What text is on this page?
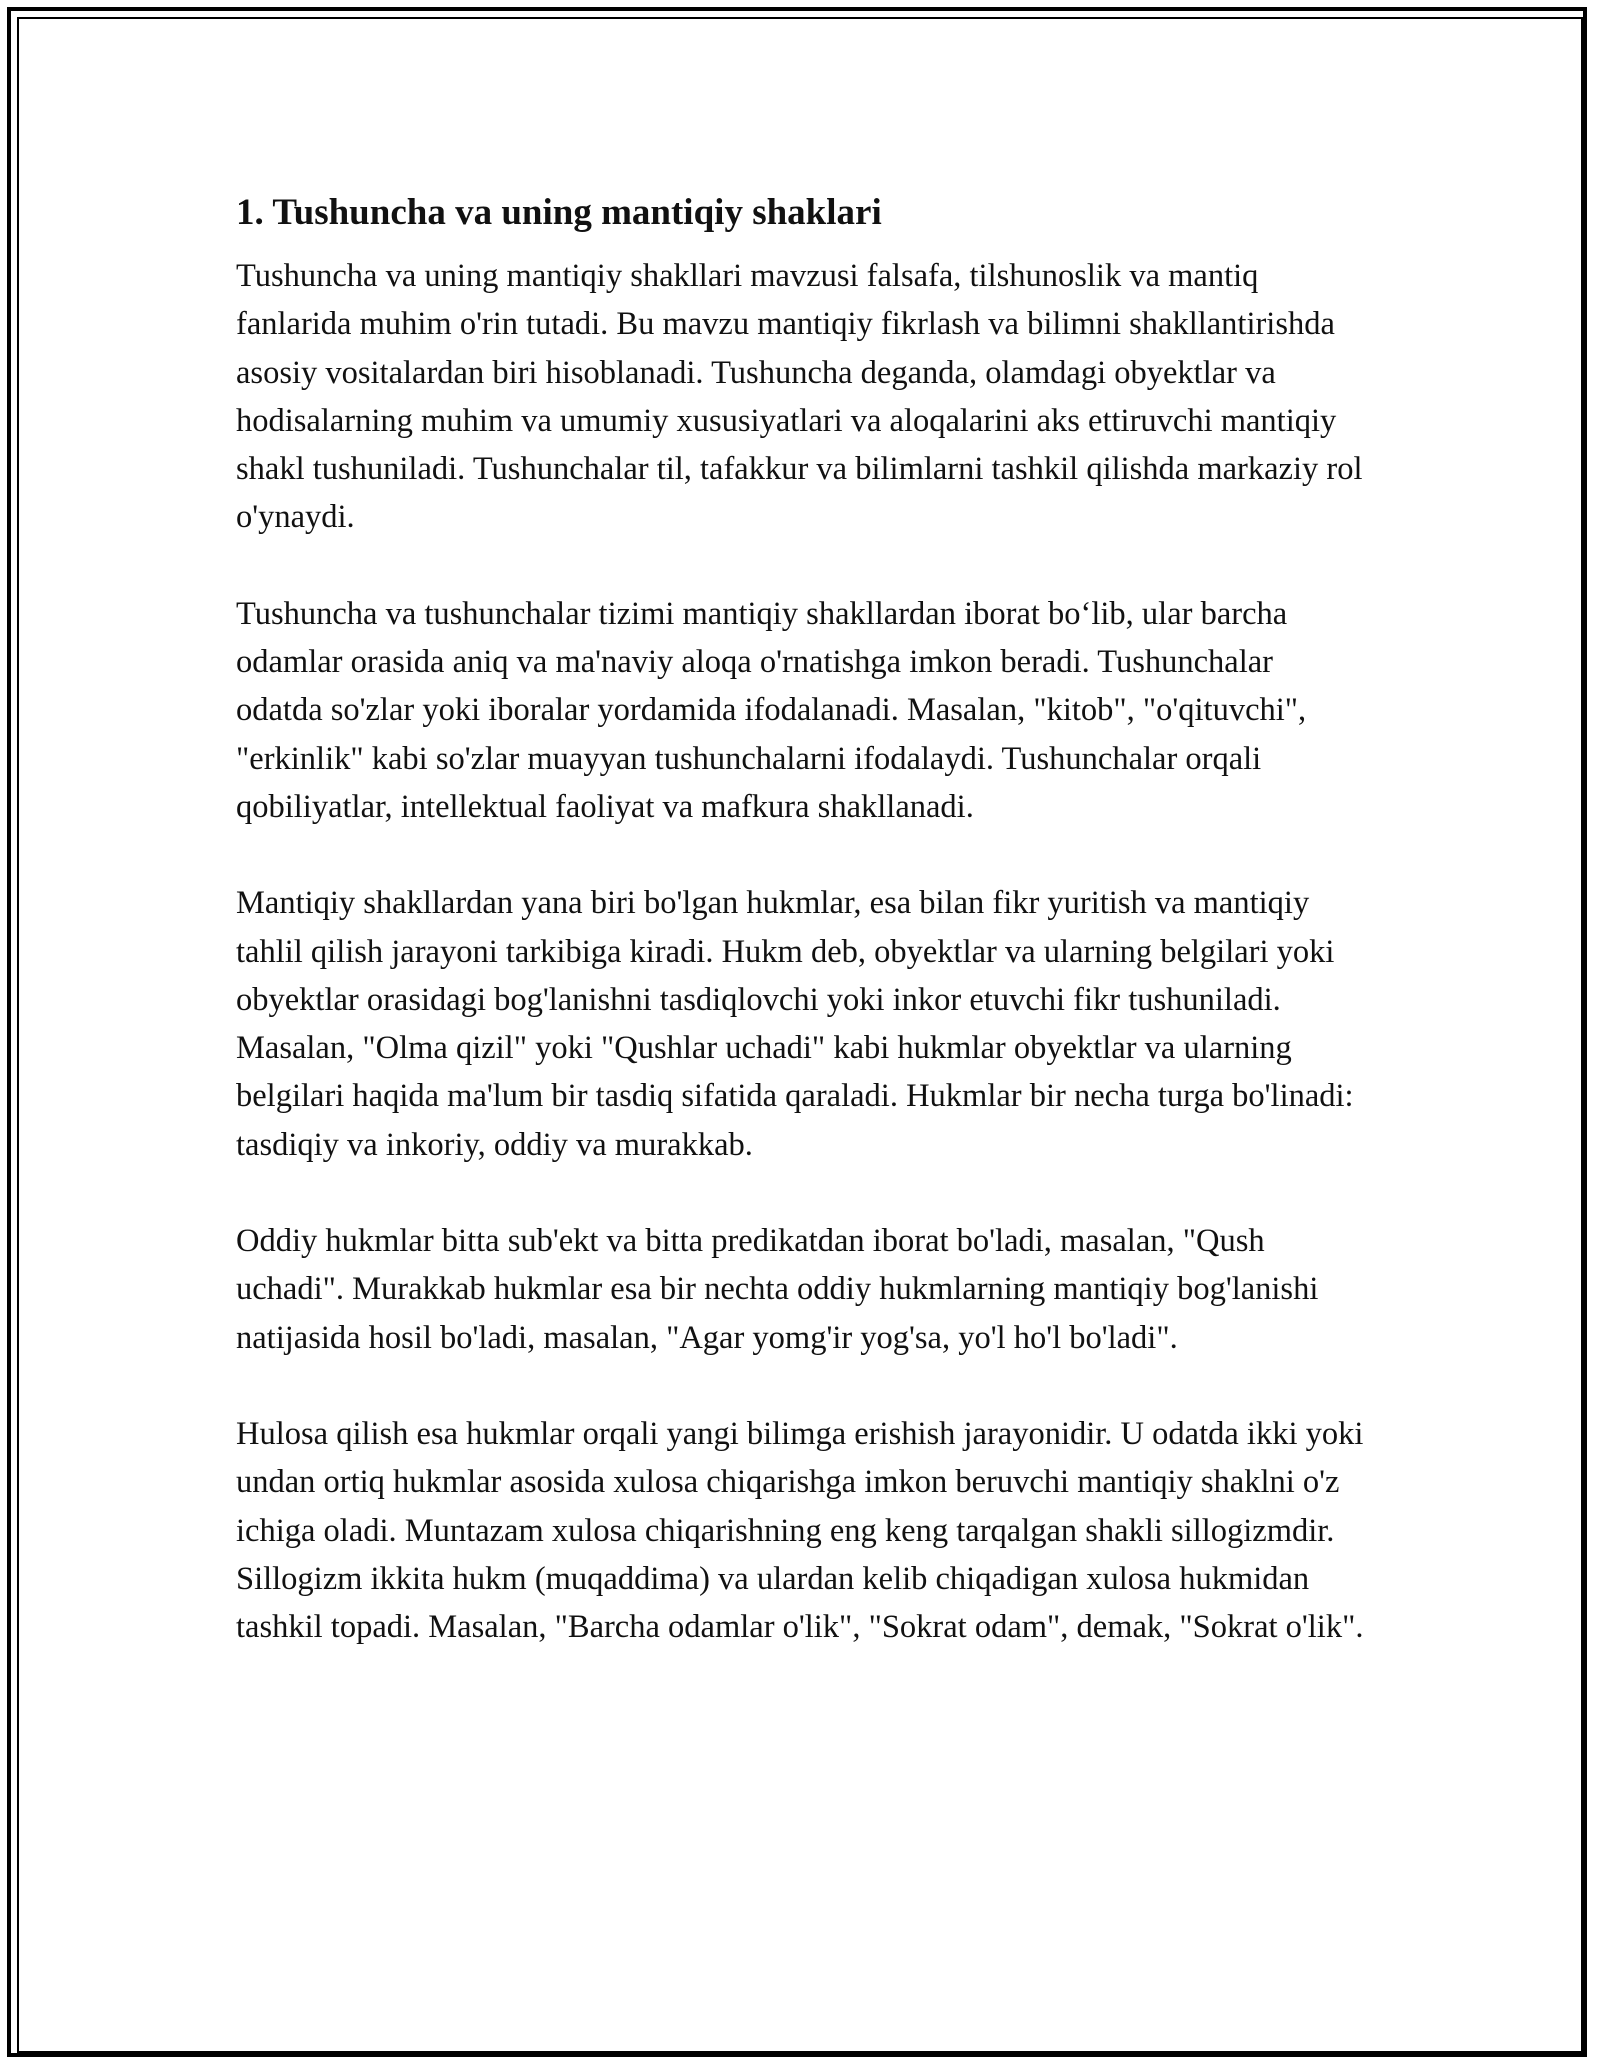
1. Tushuncha va uning mantiqiy shaklari

Tushuncha va uning mantiqiy shakllari mavzusi falsafa, tilshunoslik va mantiq fanlarida muhim o'rin tutadi. Bu mavzu mantiqiy fikrlash va bilimni shakllantirishda asosiy vositalardan biri hisoblanadi. Tushuncha deganda, olamdagi obyektlar va hodisalarning muhim va umumiy xususiyatlari va aloqalarini aks ettiruvchi mantiqiy shakl tushuniladi. Tushunchalar til, tafakkur va bilimlarni tashkil qilishda markaziy rol o'ynaydi.

Tushuncha va tushunchalar tizimi mantiqiy shakllardan iborat bo‘lib, ular barcha odamlar orasida aniq va ma'naviy aloqa o'rnatishga imkon beradi. Tushunchalar odatda so'zlar yoki iboralar yordamida ifodalanadi. Masalan, "kitob", "o'qituvchi", "erkinlik" kabi so'zlar muayyan tushunchalarni ifodalaydi. Tushunchalar orqali qobiliyatlar, intellektual faoliyat va mafkura shakllanadi.

Mantiqiy shakllardan yana biri bo'lgan hukmlar, esa bilan fikr yuritish va mantiqiy tahlil qilish jarayoni tarkibiga kiradi. Hukm deb, obyektlar va ularning belgilari yoki obyektlar orasidagi bog'lanishni tasdiqlovchi yoki inkor etuvchi fikr tushuniladi. Masalan, "Olma qizil" yoki "Qushlar uchadi" kabi hukmlar obyektlar va ularning belgilari haqida ma'lum bir tasdiq sifatida qaraladi. Hukmlar bir necha turga bo'linadi: tasdiqiy va inkoriy, oddiy va murakkab.

Oddiy hukmlar bitta sub'ekt va bitta predikatdan iborat bo'ladi, masalan, "Qush uchadi". Murakkab hukmlar esa bir nechta oddiy hukmlarning mantiqiy bog'lanishi natijasida hosil bo'ladi, masalan, "Agar yomg'ir yog'sa, yo'l ho'l bo'ladi".

Hulosa qilish esa hukmlar orqali yangi bilimga erishish jarayonidir. U odatda ikki yoki undan ortiq hukmlar asosida xulosa chiqarishga imkon beruvchi mantiqiy shaklni o'z ichiga oladi. Muntazam xulosa chiqarishning eng keng tarqalgan shakli sillogizmdir. Sillogizm ikkita hukm (muqaddima) va ulardan kelib chiqadigan xulosa hukmidan tashkil topadi. Masalan, "Barcha odamlar o'lik", "Sokrat odam", demak, "Sokrat o'lik".
